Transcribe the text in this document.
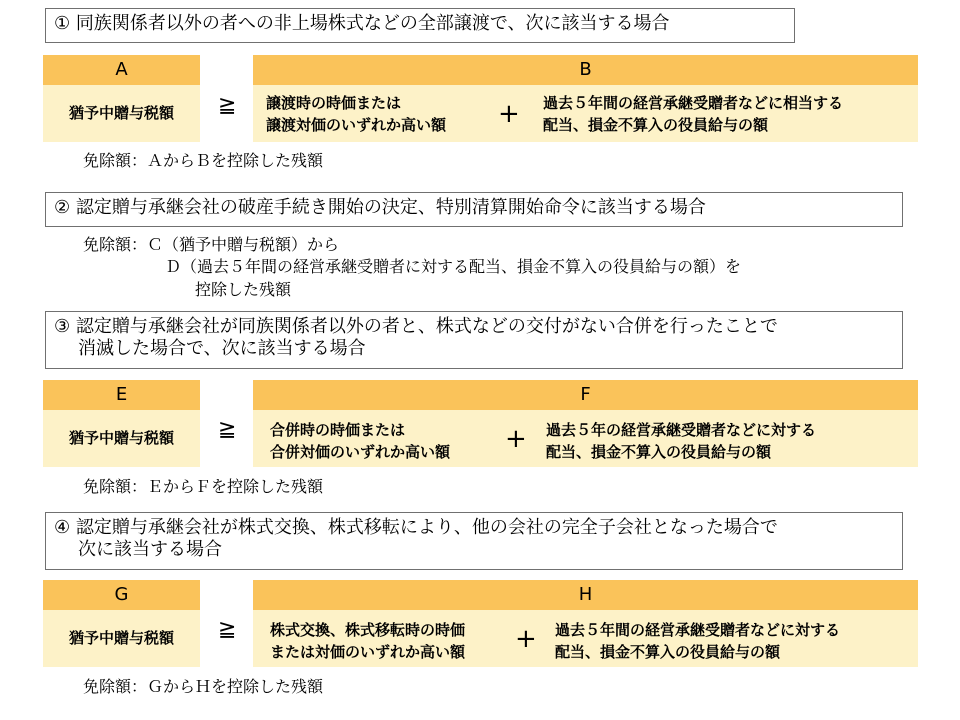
① 同族関係者以外の者への非上場株式などの全部譲渡で、次に該当する場合
A
猶予中贈与税額	≧
B
譲渡時の時価または
譲渡対価のいずれか高い額 + 過去５年間の経営承継受贈者などに相当する
配当、損金不算入の役員給与の額
免除額：ＡからＢを控除した残額
② 認定贈与承継会社の破産手続き開始の決定、特別清算開始命令に該当する場合
免除額：Ｃ（猶予中贈与税額）から
Ｄ（過去５年間の経営承継受贈者に対する配当、損金不算入の役員給与の額）を
控除した残額
③ 認定贈与承継会社が同族関係者以外の者と、株式などの交付がない合併を行ったことで
消滅した場合で、次に該当する場合
E
猶予中贈与税額	≧
F
合併時の時価または
合併対価のいずれか高い額 + 過去５年の経営承継受贈者などに対する
配当、損金不算入の役員給与の額
免除額：ＥからＦを控除した残額
④ 認定贈与承継会社が株式交換、株式移転により、他の会社の完全子会社となった場合で
次に該当する場合
G
猶予中贈与税額	≧
H
株式交換、株式移転時の時価
または対価のいずれか高い額 + 過去５年間の経営承継受贈者などに対する
配当、損金不算入の役員給与の額
免除額：ＧからＨを控除した残額
